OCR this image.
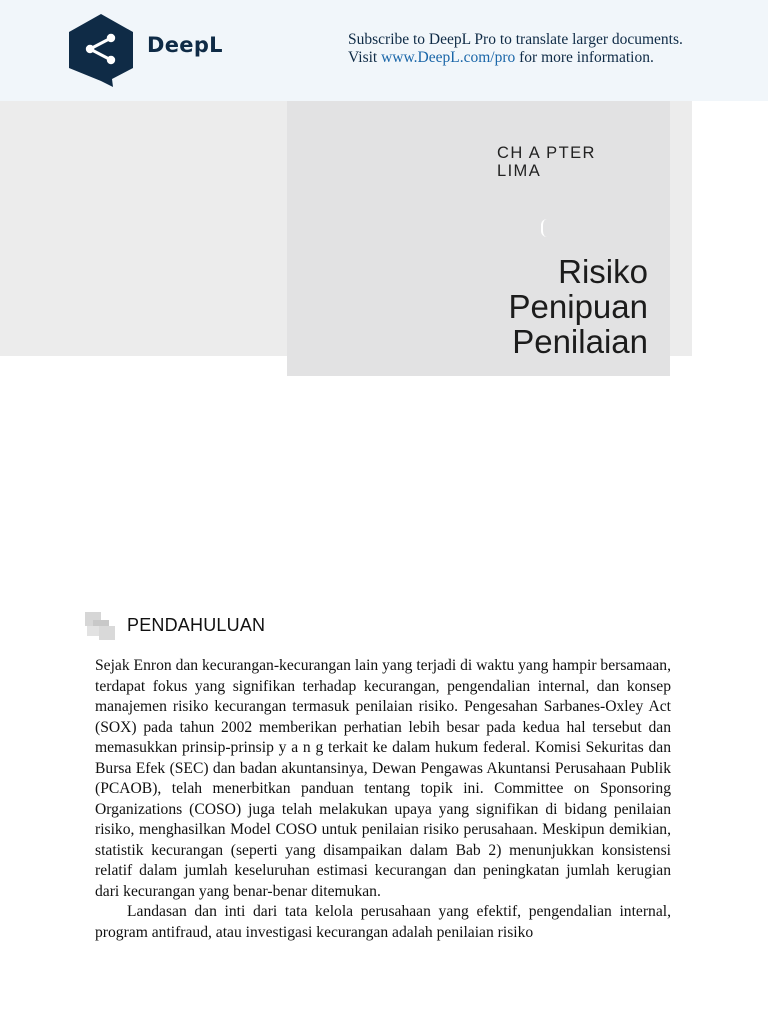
DeepL	Subscribe to DeepL Pro to translate larger documents.
Visit www.DeepL.com/pro for more information.
CH A PTER
LIMA
Risiko
Penipuan
Penilaian
PENDAHULUAN

Sejak Enron dan kecurangan-kecurangan lain yang terjadi di waktu yang hampir bersamaan, terdapat fokus yang signifikan terhadap kecurangan, pengendalian internal, dan konsep manajemen risiko kecurangan termasuk penilaian risiko. Pengesahan Sarbanes-Oxley Act (SOX) pada tahun 2002 memberikan perhatian lebih besar pada kedua hal tersebut dan memasukkan prinsip-prinsip y a n g terkait ke dalam hukum federal. Komisi Sekuritas dan Bursa Efek (SEC) dan badan akuntansinya, Dewan Pengawas Akuntansi Perusahaan Publik (PCAOB), telah menerbitkan panduan tentang topik ini. Committee on Sponsoring Organizations (COSO) juga telah melakukan upaya yang signifikan di bidang penilaian risiko, menghasilkan Model COSO untuk penilaian risiko perusahaan. Meskipun demikian, statistik kecurangan (seperti yang disampaikan dalam Bab 2) menunjukkan konsistensi relatif dalam jumlah keseluruhan estimasi kecurangan dan peningkatan jumlah kerugian dari kecurangan yang benar-benar ditemukan.

Landasan dan inti dari tata kelola perusahaan yang efektif, pengendalian internal, program antifraud, atau investigasi kecurangan adalah penilaian risiko
